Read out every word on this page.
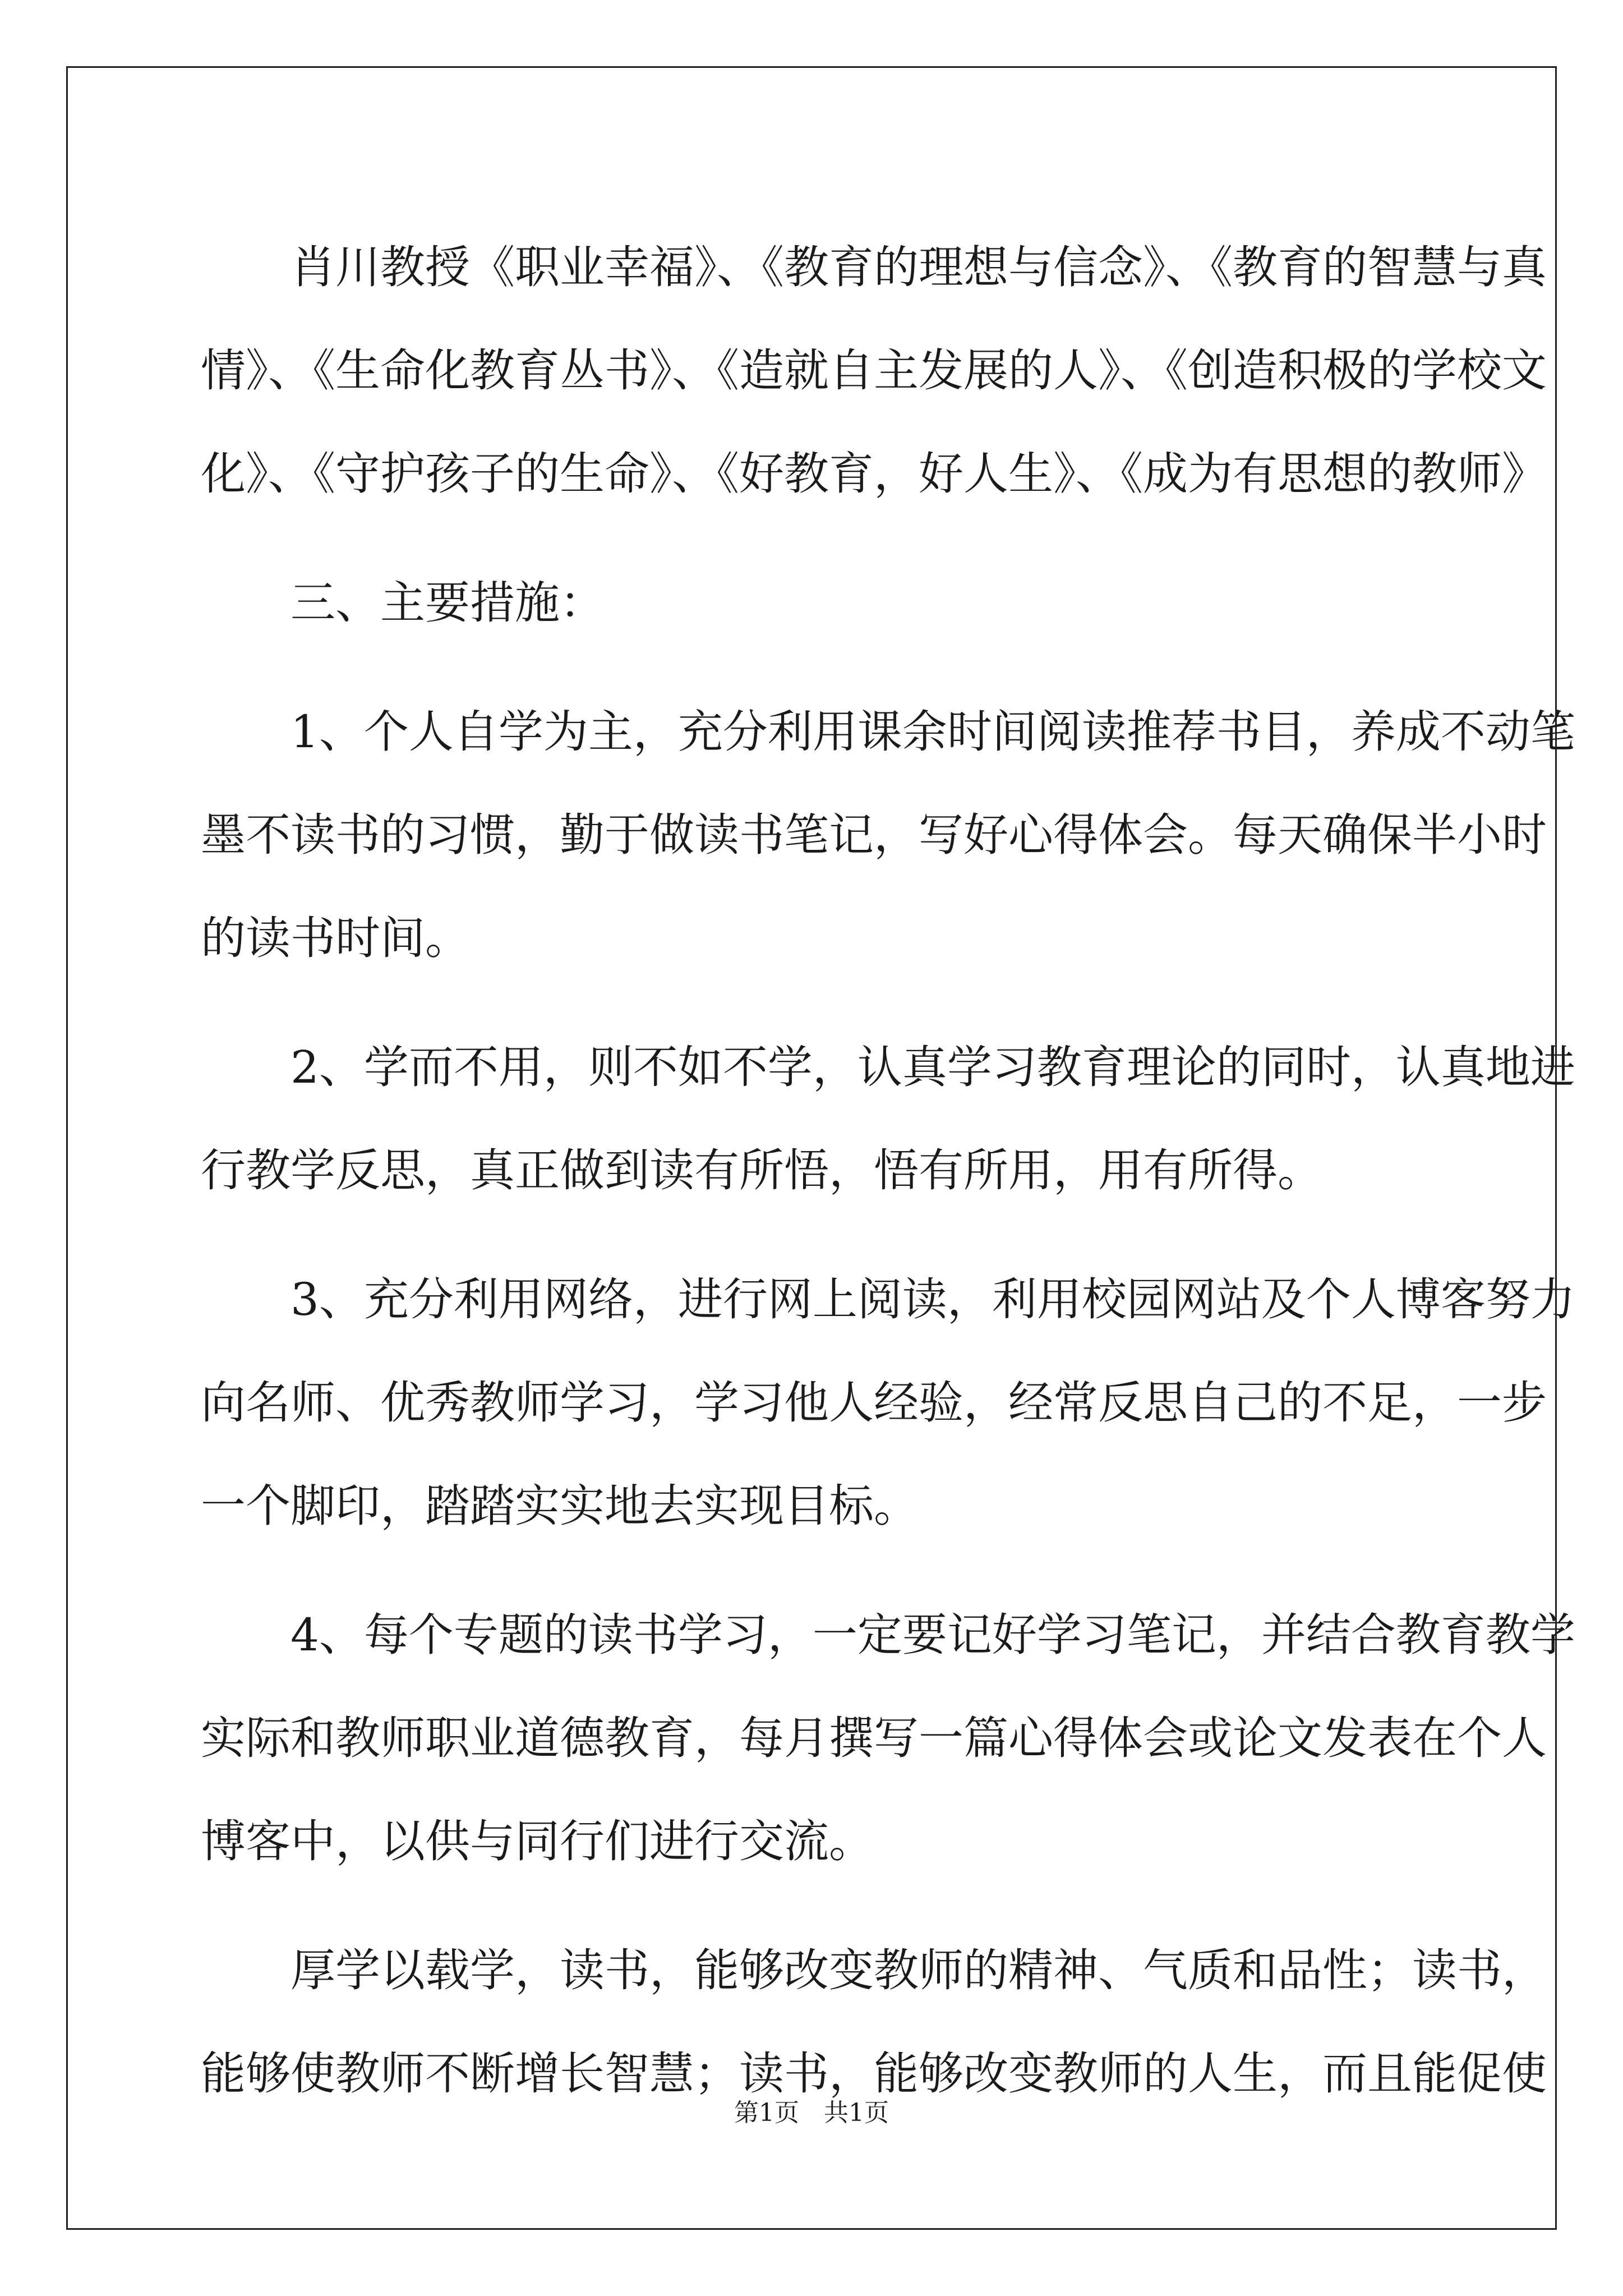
肖川教授《职业幸福》、《教育的理想与信念》、《教育的智慧与真
情》、《生命化教育丛书》、《造就自主发展的人》、《创造积极的学校文
化》、《守护孩子的生命》、《好教育，好人生》、《成为有思想的教师》
三、主要措施：
1、个人自学为主，充分利用课余时间阅读推荐书目，养成不动笔
墨不读书的习惯，勤于做读书笔记，写好心得体会。每天确保半小时
的读书时间。
2、学而不用，则不如不学，认真学习教育理论的同时，认真地进
行教学反思，真正做到读有所悟，悟有所用，用有所得。
3、充分利用网络，进行网上阅读，利用校园网站及个人博客努力
向名师、优秀教师学习，学习他人经验，经常反思自己的不足，一步
一个脚印，踏踏实实地去实现目标。
4、每个专题的读书学习，一定要记好学习笔记，并结合教育教学
实际和教师职业道德教育，每月撰写一篇心得体会或论文发表在个人
博客中，以供与同行们进行交流。
厚学以载学，读书，能够改变教师的精神、气质和品性；读书，
能够使教师不断增长智慧；读书，能够改变教师的人生，而且能促使
第1页　共1页
